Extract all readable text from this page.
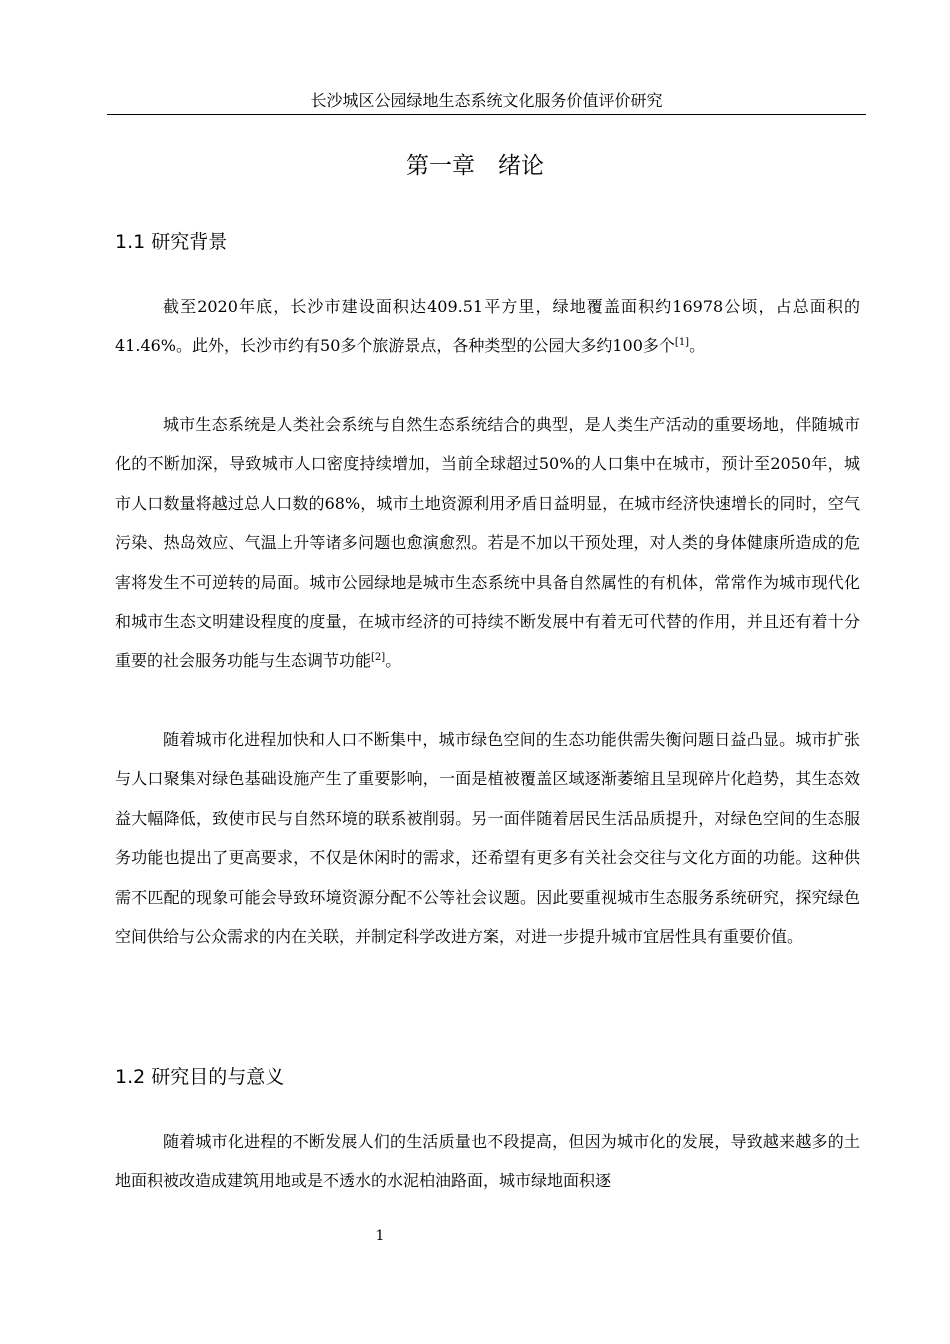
长沙城区公园绿地生态系统文化服务价值评价研究
第一章　绪论
1.1 研究背景

截至2020年底，长沙市建设面积达409.51平方里，绿地覆盖面积约16978公顷，占总面积的41.46%。此外，长沙市约有50多个旅游景点，各种类型的公园大多约100多个[1]。

城市生态系统是人类社会系统与自然生态系统结合的典型，是人类生产活动的重要场地，伴随城市化的不断加深，导致城市人口密度持续增加，当前全球超过50%的人口集中在城市，预计至2050年，城市人口数量将越过总人口数的68%，城市土地资源利用矛盾日益明显，在城市经济快速增长的同时，空气污染、热岛效应、气温上升等诸多问题也愈演愈烈。若是不加以干预处理，对人类的身体健康所造成的危害将发生不可逆转的局面。城市公园绿地是城市生态系统中具备自然属性的有机体，常常作为城市现代化和城市生态文明建设程度的度量，在城市经济的可持续不断发展中有着无可代替的作用，并且还有着十分重要的社会服务功能与生态调节功能[2]。

随着城市化进程加快和人口不断集中，城市绿色空间的生态功能供需失衡问题日益凸显。城市扩张与人口聚集对绿色基础设施产生了重要影响，一面是植被覆盖区域逐渐萎缩且呈现碎片化趋势，其生态效益大幅降低，致使市民与自然环境的联系被削弱。另一面伴随着居民生活品质提升，对绿色空间的生态服务功能也提出了更高要求，不仅是休闲时的需求，还希望有更多有关社会交往与文化方面的功能。这种供需不匹配的现象可能会导致环境资源分配不公等社会议题。因此要重视城市生态服务系统研究，探究绿色空间供给与公众需求的内在关联，并制定科学改进方案，对进一步提升城市宜居性具有重要价值。

1.2 研究目的与意义

随着城市化进程的不断发展人们的生活质量也不段提高，但因为城市化的发展，导致越来越多的土地面积被改造成建筑用地或是不透水的水泥柏油路面，城市绿地面积逐

1
